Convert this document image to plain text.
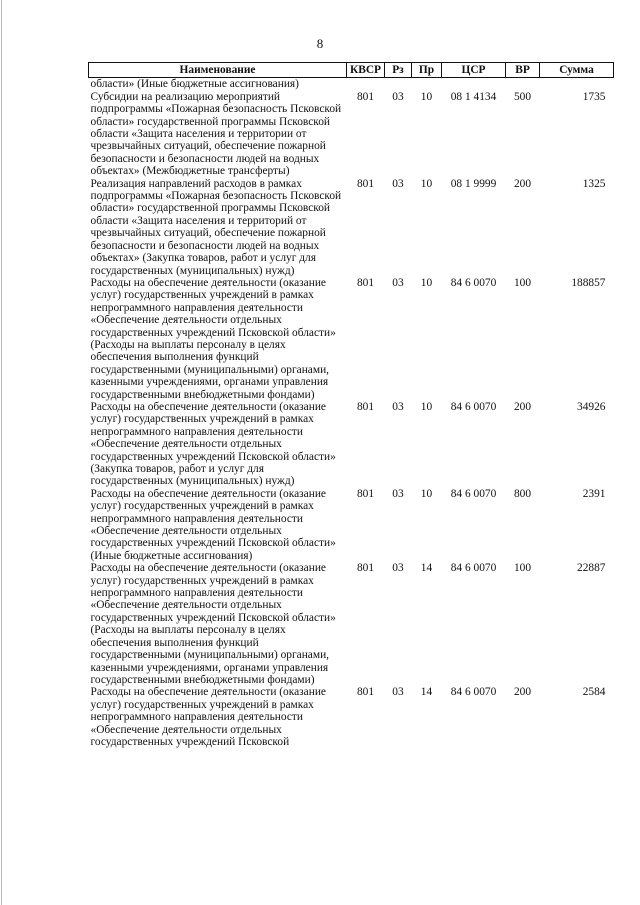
8
Наименование	КВСР	Рз	Пр	ЦСР	ВР	Сумма
области» (Иные бюджетные ассигнования)						
Субсидии на реализацию мероприятий подпрограммы «Пожарная безопасность Псковской области» государственной программы Псковской области «Защита населения и территории от чрезвычайных ситуаций, обеспечение пожарной безопасности и безопасности людей на водных объектах» (Межбюджетные трансферты)	801	03	10	08 1 4134	500	1735
Реализация направлений расходов в рамках подпрограммы «Пожарная безопасность Псковской области» государственной программы Псковской области «Защита населения и территорий от чрезвычайных ситуаций, обеспечение пожарной безопасности и безопасности людей на водных объектах» (Закупка товаров, работ и услуг для государственных (муниципальных) нужд)	801	03	10	08 1 9999	200	1325
Расходы на обеспечение деятельности (оказание услуг) государственных учреждений в рамках непрограммного направления деятельности «Обеспечение деятельности отдельных государственных учреждений Псковской области» (Расходы на выплаты персоналу в целях обеспечения выполнения функций государственными (муниципальными) органами, казенными учреждениями, органами управления государственными внебюджетными фондами)	801	03	10	84 6 0070	100	188857
Расходы на обеспечение деятельности (оказание услуг) государственных учреждений в рамках непрограммного направления деятельности «Обеспечение деятельности отдельных государственных учреждений Псковской области» (Закупка товаров, работ и услуг для государственных (муниципальных) нужд)	801	03	10	84 6 0070	200	34926
Расходы на обеспечение деятельности (оказание услуг) государственных учреждений в рамках непрограммного направления деятельности «Обеспечение деятельности отдельных государственных учреждений Псковской области» (Иные бюджетные ассигнования)	801	03	10	84 6 0070	800	2391
Расходы на обеспечение деятельности (оказание услуг) государственных учреждений в рамках непрограммного направления деятельности «Обеспечение деятельности отдельных государственных учреждений Псковской области» (Расходы на выплаты персоналу в целях обеспечения выполнения функций государственными (муниципальными) органами, казенными учреждениями, органами управления государственными внебюджетными фондами)	801	03	14	84 6 0070	100	22887
Расходы на обеспечение деятельности (оказание услуг) государственных учреждений в рамках непрограммного направления деятельности «Обеспечение деятельности отдельных государственных учреждений Псковской	801	03	14	84 6 0070	200	2584
